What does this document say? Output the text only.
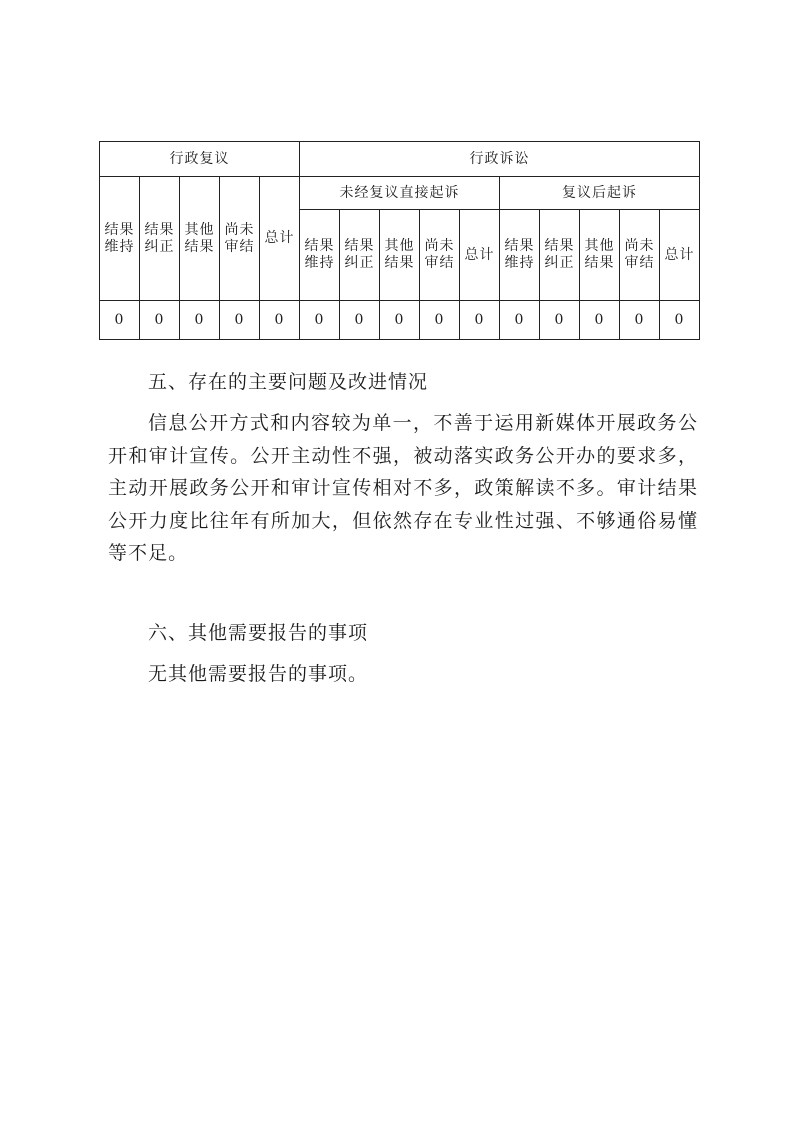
行政复议					行政诉讼									
结果维持	结果纠正	其他结果	尚未审结	总计	未经复议直接起诉					复议后起诉				
					结果维持	结果纠正	其他结果	尚未审结	总计	结果维持	结果纠正	其他结果	尚未审结	总计
0	0	0	0	0	0	0	0	0	0	0	0	0	0	0

五、存在的主要问题及改进情况

信息公开方式和内容较为单一，不善于运用新媒体开展政务公开和审计宣传。公开主动性不强，被动落实政务公开办的要求多，主动开展政务公开和审计宣传相对不多，政策解读不多。审计结果公开力度比往年有所加大，但依然存在专业性过强、不够通俗易懂等不足。

六、其他需要报告的事项

无其他需要报告的事项。
